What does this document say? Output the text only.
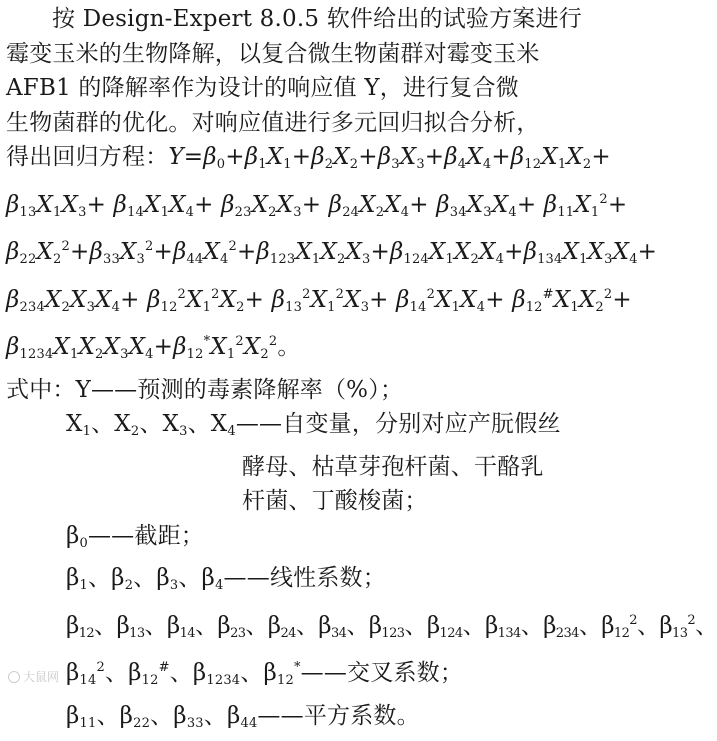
按 Design-Expert 8.0.5 软件给出的试验方案进行
霉变玉米的生物降解，以复合微生物菌群对霉变玉米
AFB1 的降解率作为设计的响应值 Y，进行复合微
生物菌群的优化。对响应值进行多元回归拟合分析，
得出回归方程：$Y=\beta_0+\beta_1X_1+\beta_2X_2+\beta_3X_3+\beta_4X_4+\beta_{12}X_1X_2+$
$\beta_{13}X_1X_3+ \beta_{14}X_1X_4+ \beta_{23}X_2X_3+ \beta_{24}X_2X_4+ \beta_{34}X_3X_4+ \beta_{11}X_1^2+$
$\beta_{22}X_2^2+\beta_{33}X_3^2+\beta_{44}X_4^2+\beta_{123}X_1X_2X_3+\beta_{124}X_1X_2X_4+\beta_{134}X_1X_3X_4+$
$\beta_{234}X_2X_3X_4+ \beta_{12}^2X_1^2X_2+ \beta_{13}^2X_1^2X_3+ \beta_{14}^2X_1X_4+ \beta_{12}^{\#}X_1X_2^2+$
$\beta_{1234}X_1X_2X_3X_4+\beta_{12}^*X_1^2X_2^2$。
式中：Y——预测的毒素降解率（%）；
$X_1$、$X_2$、$X_3$、$X_4——$自变量，分别对应产朊假丝
酵母、枯草芽孢杆菌、干酪乳
杆菌、丁酸梭菌；
$\beta_0——$截距；
$\beta_1$、$\beta_2$、$\beta_3$、$\beta_4——$线性系数；
$\beta_{12}$、$\beta_{13}$、$\beta_{14}$、$\beta_{23}$、$\beta_{24}$、$\beta_{34}$、$\beta_{123}$、$\beta_{124}$、$\beta_{134}$、$\beta_{234}$、$\beta_{12}^2$、$\beta_{13}^2$、
$\beta_{14}^2$、$\beta_{12}^{\#}$、$\beta_{1234}$、$\beta_{12}^*——$交叉系数；
$\beta_{11}$、$\beta_{22}$、$\beta_{33}$、$\beta_{44}——$平方系数。
大鼠网
